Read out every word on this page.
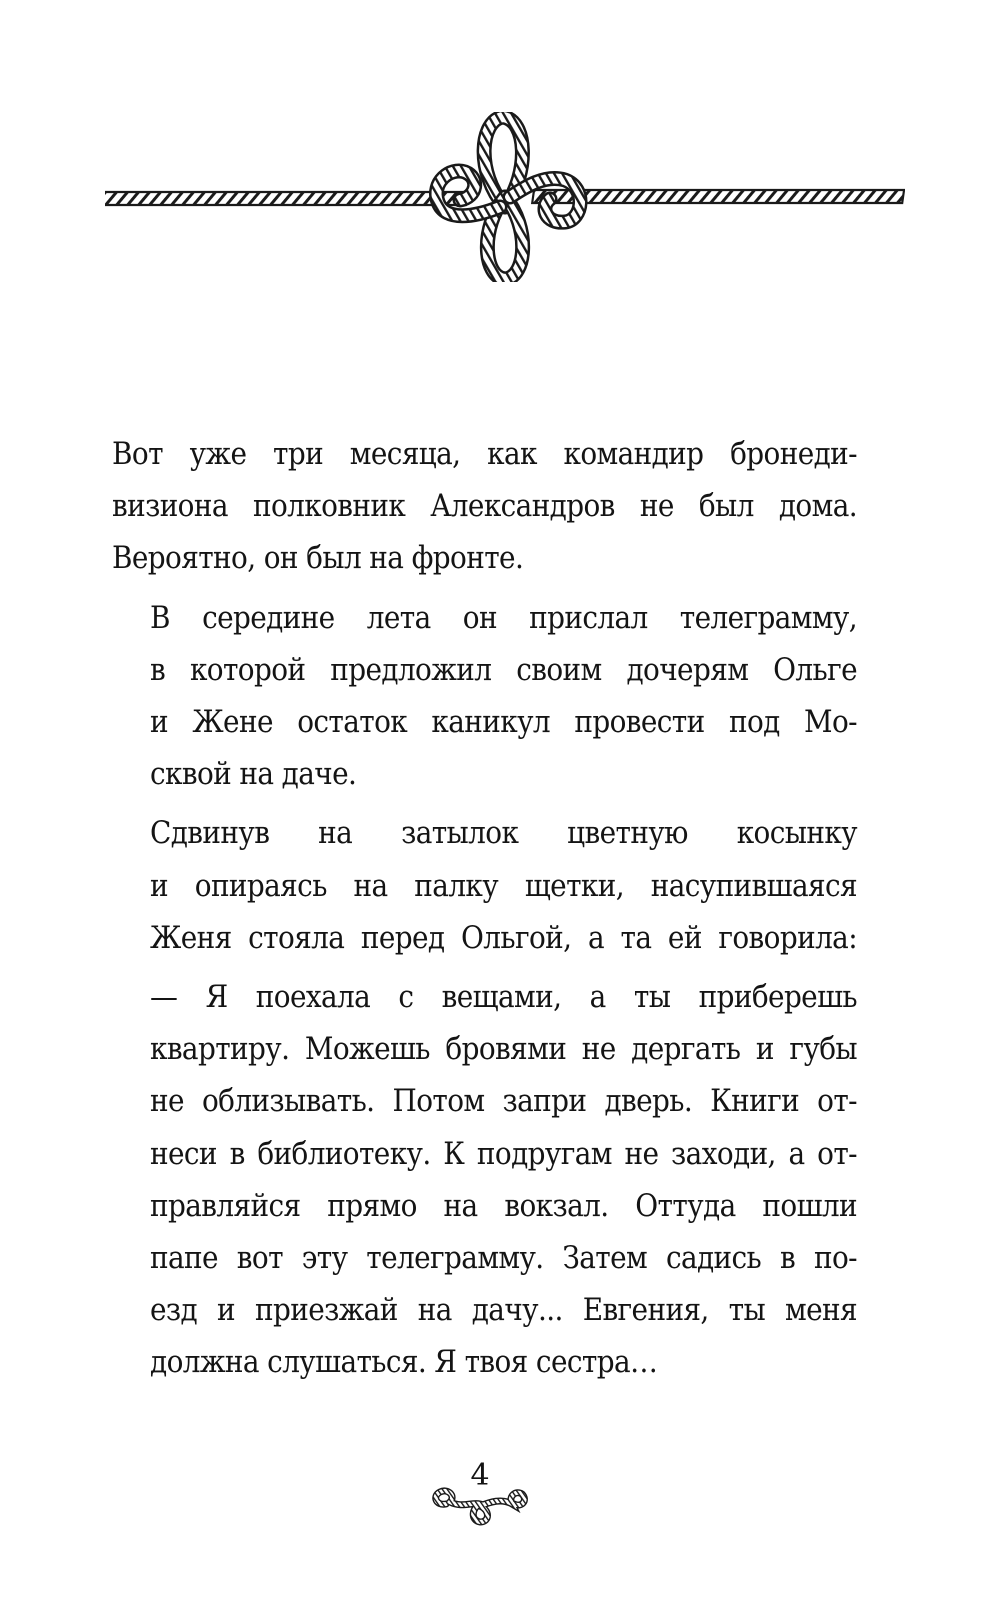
Вот уже три месяца, как командир бронеди-
визиона полковник Александров не был дома.
Вероятно, он был на фронте.

В середине лета он прислал телеграмму,
в которой предложил своим дочерям Ольге
и Жене остаток каникул провести под Мо-
сквой на даче.

Сдвинув на затылок цветную косынку
и опираясь на палку щетки, насупившаяся
Женя стояла перед Ольгой, а та ей говорила:

— Я поехала с вещами, а ты приберешь
квартиру. Можешь бровями не дергать и губы
не облизывать. Потом запри дверь. Книги от-
неси в библиотеку. К подругам не заходи, а от-
правляйся прямо на вокзал. Оттуда пошли
папе вот эту телеграмму. Затем садись в по-
езд и приезжай на дачу... Евгения, ты меня
должна слушаться. Я твоя сестра…

4
